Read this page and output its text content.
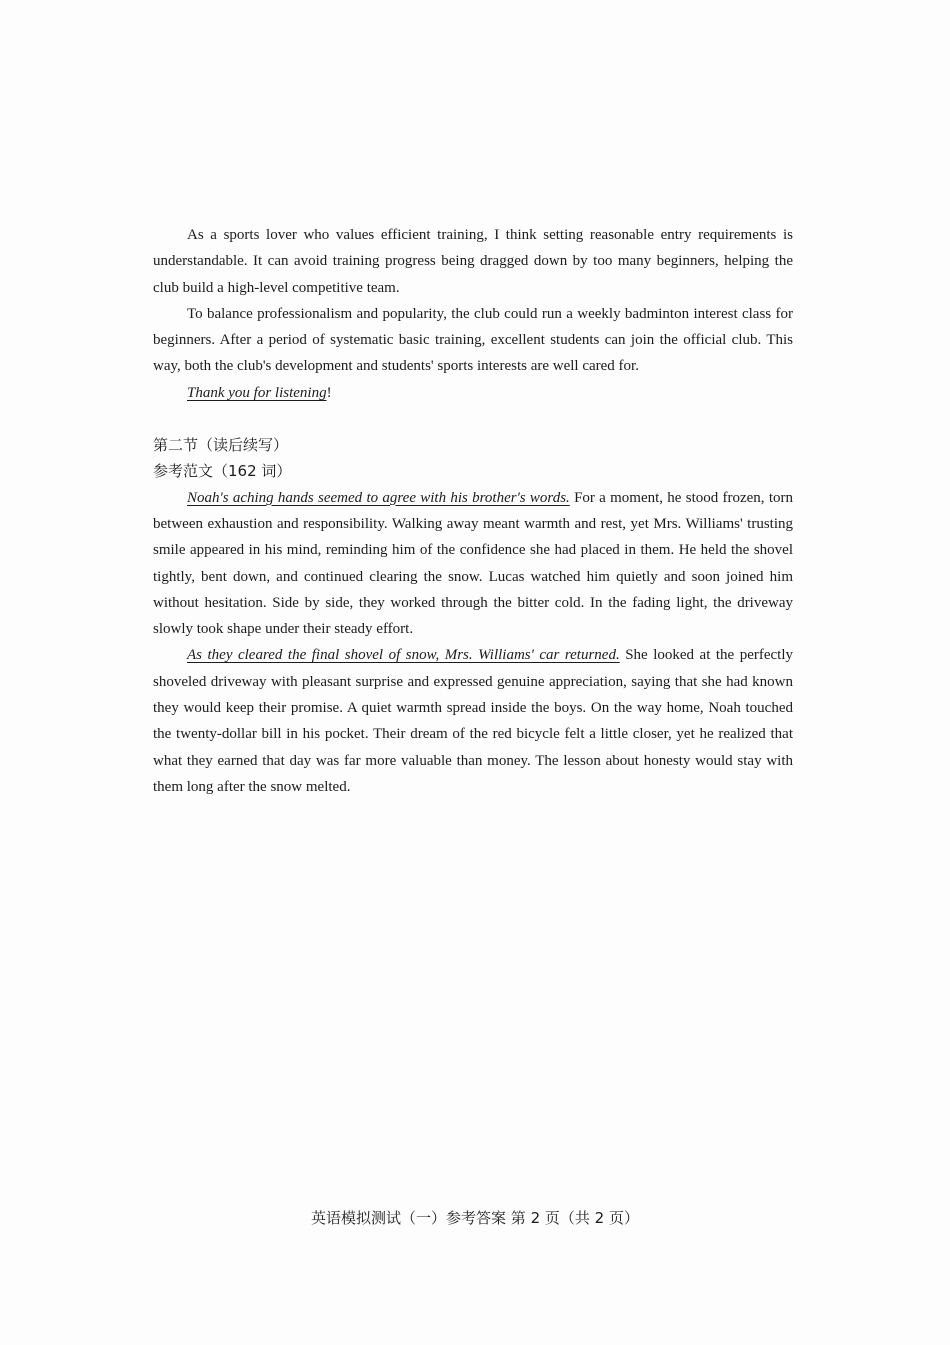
As a sports lover who values efficient training, I think setting reasonable entry requirements is understandable. It can avoid training progress being dragged down by too many beginners, helping the club build a high-level competitive team.

To balance professionalism and popularity, the club could run a weekly badminton interest class for beginners. After a period of systematic basic training, excellent students can join the official club. This way, both the club's development and students' sports interests are well cared for.

Thank you for listening!

第二节（读后续写）

参考范文（162 词）

Noah's aching hands seemed to agree with his brother's words. For a moment, he stood frozen, torn between exhaustion and responsibility. Walking away meant warmth and rest, yet Mrs. Williams' trusting smile appeared in his mind, reminding him of the confidence she had placed in them. He held the shovel tightly, bent down, and continued clearing the snow. Lucas watched him quietly and soon joined him without hesitation. Side by side, they worked through the bitter cold. In the fading light, the driveway slowly took shape under their steady effort.

As they cleared the final shovel of snow, Mrs. Williams' car returned. She looked at the perfectly shoveled driveway with pleasant surprise and expressed genuine appreciation, saying that she had known they would keep their promise. A quiet warmth spread inside the boys. On the way home, Noah touched the twenty-dollar bill in his pocket. Their dream of the red bicycle felt a little closer, yet he realized that what they earned that day was far more valuable than money. The lesson about honesty would stay with them long after the snow melted.

英语模拟测试（一）参考答案 第 2 页（共 2 页）
